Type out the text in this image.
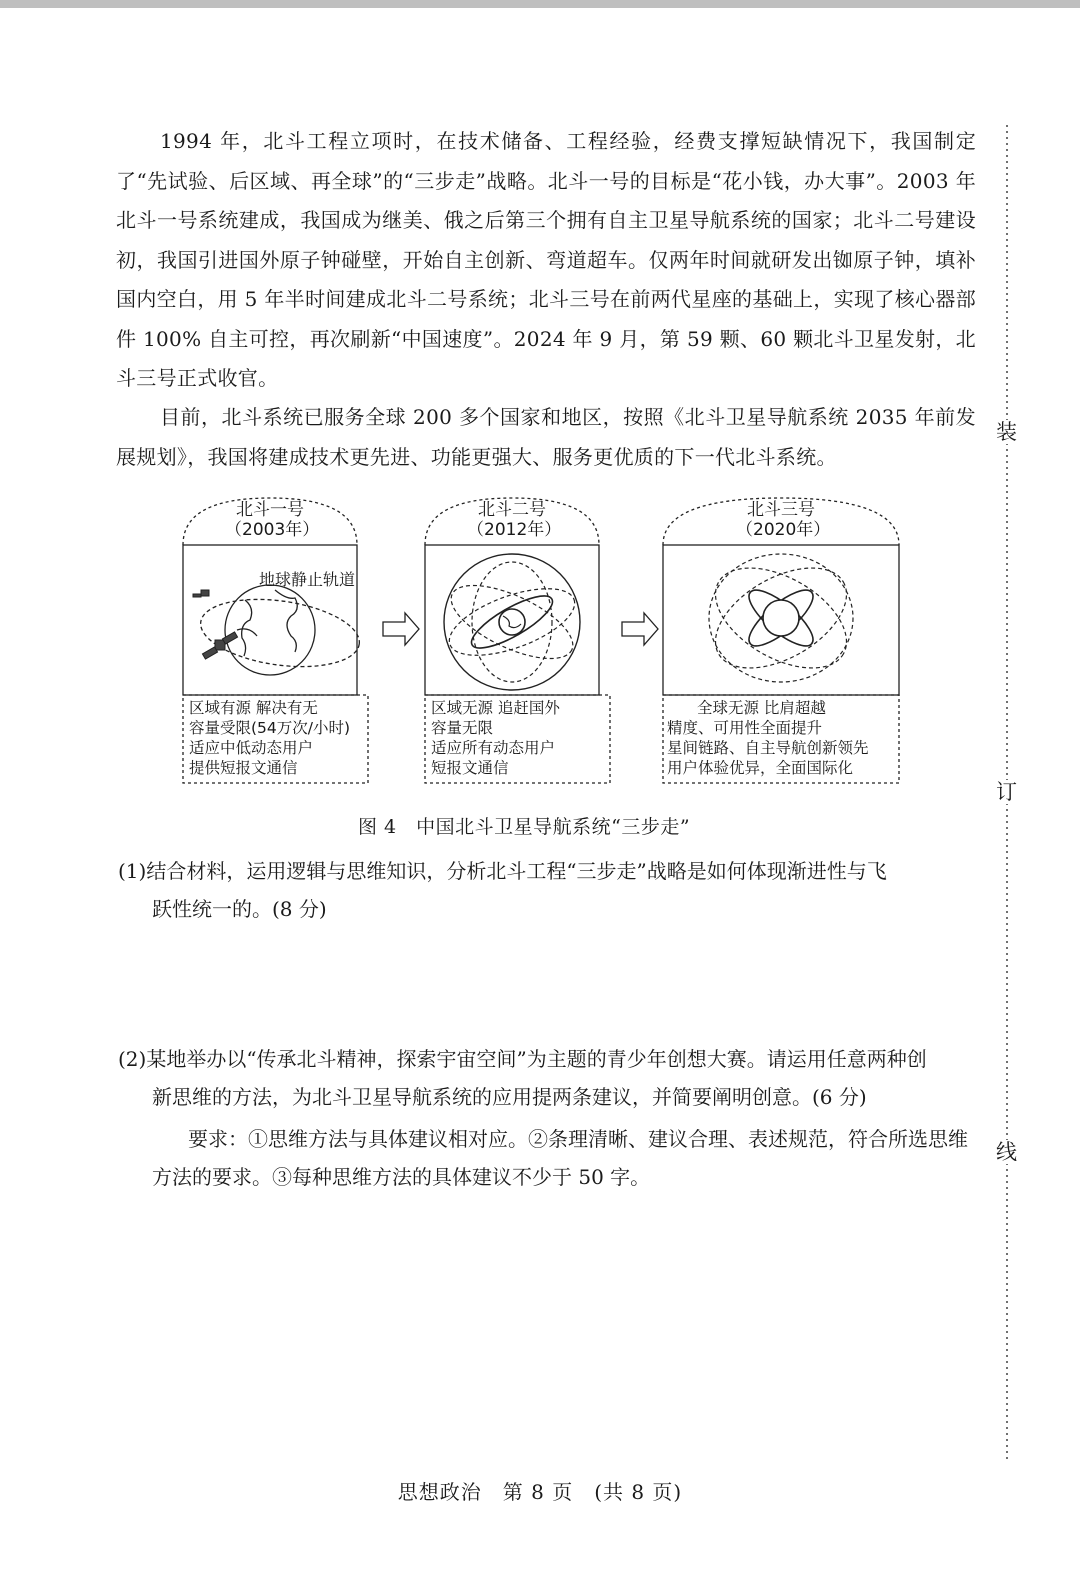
1994 年，北斗工程立项时，在技术储备、工程经验，经费支撑短缺情况下，我国制定了“先试验、后区域、再全球”的“三步走”战略。北斗一号的目标是“花小钱，办大事”。2003 年北斗一号系统建成，我国成为继美、俄之后第三个拥有自主卫星导航系统的国家；北斗二号建设初，我国引进国外原子钟碰壁，开始自主创新、弯道超车。仅两年时间就研发出铷原子钟，填补国内空白，用 5 年半时间建成北斗二号系统；北斗三号在前两代星座的基础上，实现了核心器部件 100% 自主可控，再次刷新“中国速度”。2024 年 9 月，第 59 颗、60 颗北斗卫星发射，北斗三号正式收官。
目前，北斗系统已服务全球 200 多个国家和地区，按照《北斗卫星导航系统 2035 年前发展规划》，我国将建成技术更先进、功能更强大、服务更优质的下一代北斗系统。
北斗一号
（2003年）
北斗二号
（2012年）
北斗三号
（2020年）
地球静止轨道
区域有源 解决有无
容量受限(54万次/小时)
适应中低动态用户
提供短报文通信
区域无源 追赶国外
容量无限
适应所有动态用户
短报文通信
全球无源 比肩超越
精度、可用性全面提升
星间链路、自主导航创新领先
用户体验优异，全面国际化
图 4　中国北斗卫星导航系统“三步走”
(1)结合材料，运用逻辑与思维知识，分析北斗工程“三步走”战略是如何体现渐进性与飞
跃性统一的。(8 分)
(2)某地举办以“传承北斗精神，探索宇宙空间”为主题的青少年创想大赛。请运用任意两种创
新思维的方法，为北斗卫星导航系统的应用提两条建议，并简要阐明创意。(6 分)
要求：①思维方法与具体建议相对应。②条理清晰、建议合理、表述规范，符合所选思维方法的要求。③每种思维方法的具体建议不少于 50 字。
装
订
线
思想政治　第 8 页　(共 8 页)
